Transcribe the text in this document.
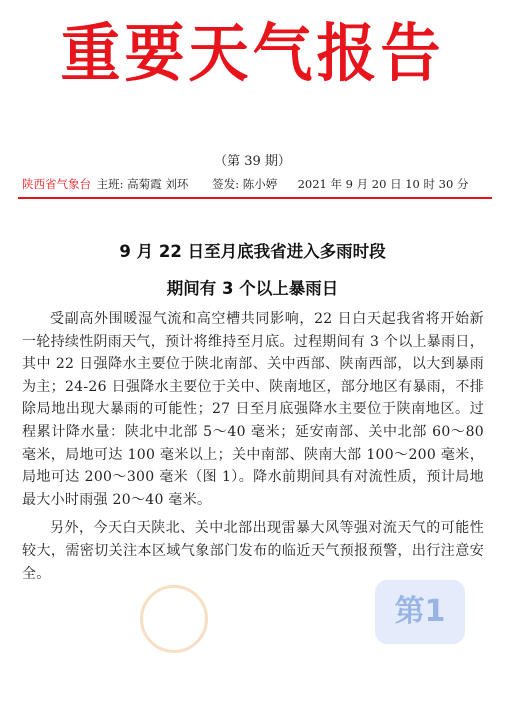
重要天气报告
（第 39 期）
陕西省气象台 主班: 高菊霞 刘环 签发: 陈小婷 2021 年 9 月 20 日 10 时 30 分
9 月 22 日至月底我省进入多雨时段
期间有 3 个以上暴雨日

受副高外围暖湿气流和高空槽共同影响，22 日白天起我省将开始新一轮持续性阴雨天气，预计将维持至月底。过程期间有 3 个以上暴雨日，其中 22 日强降水主要位于陕北南部、关中西部、陕南西部，以大到暴雨为主；24-26 日强降水主要位于关中、陕南地区，部分地区有暴雨，不排除局地出现大暴雨的可能性；27 日至月底强降水主要位于陕南地区。过程累计降水量：陕北中北部 5～40 毫米；延安南部、关中北部 60～80 毫米，局地可达 100 毫米以上；关中南部、陕南大部 100～200 毫米，局地可达 200～300 毫米（图 1）。降水前期间具有对流性质，预计局地最大小时雨强 20～40 毫米。

另外，今天白天陕北、关中北部出现雷暴大风等强对流天气的可能性较大，需密切关注本区域气象部门发布的临近天气预报预警，出行注意安全。

第1
